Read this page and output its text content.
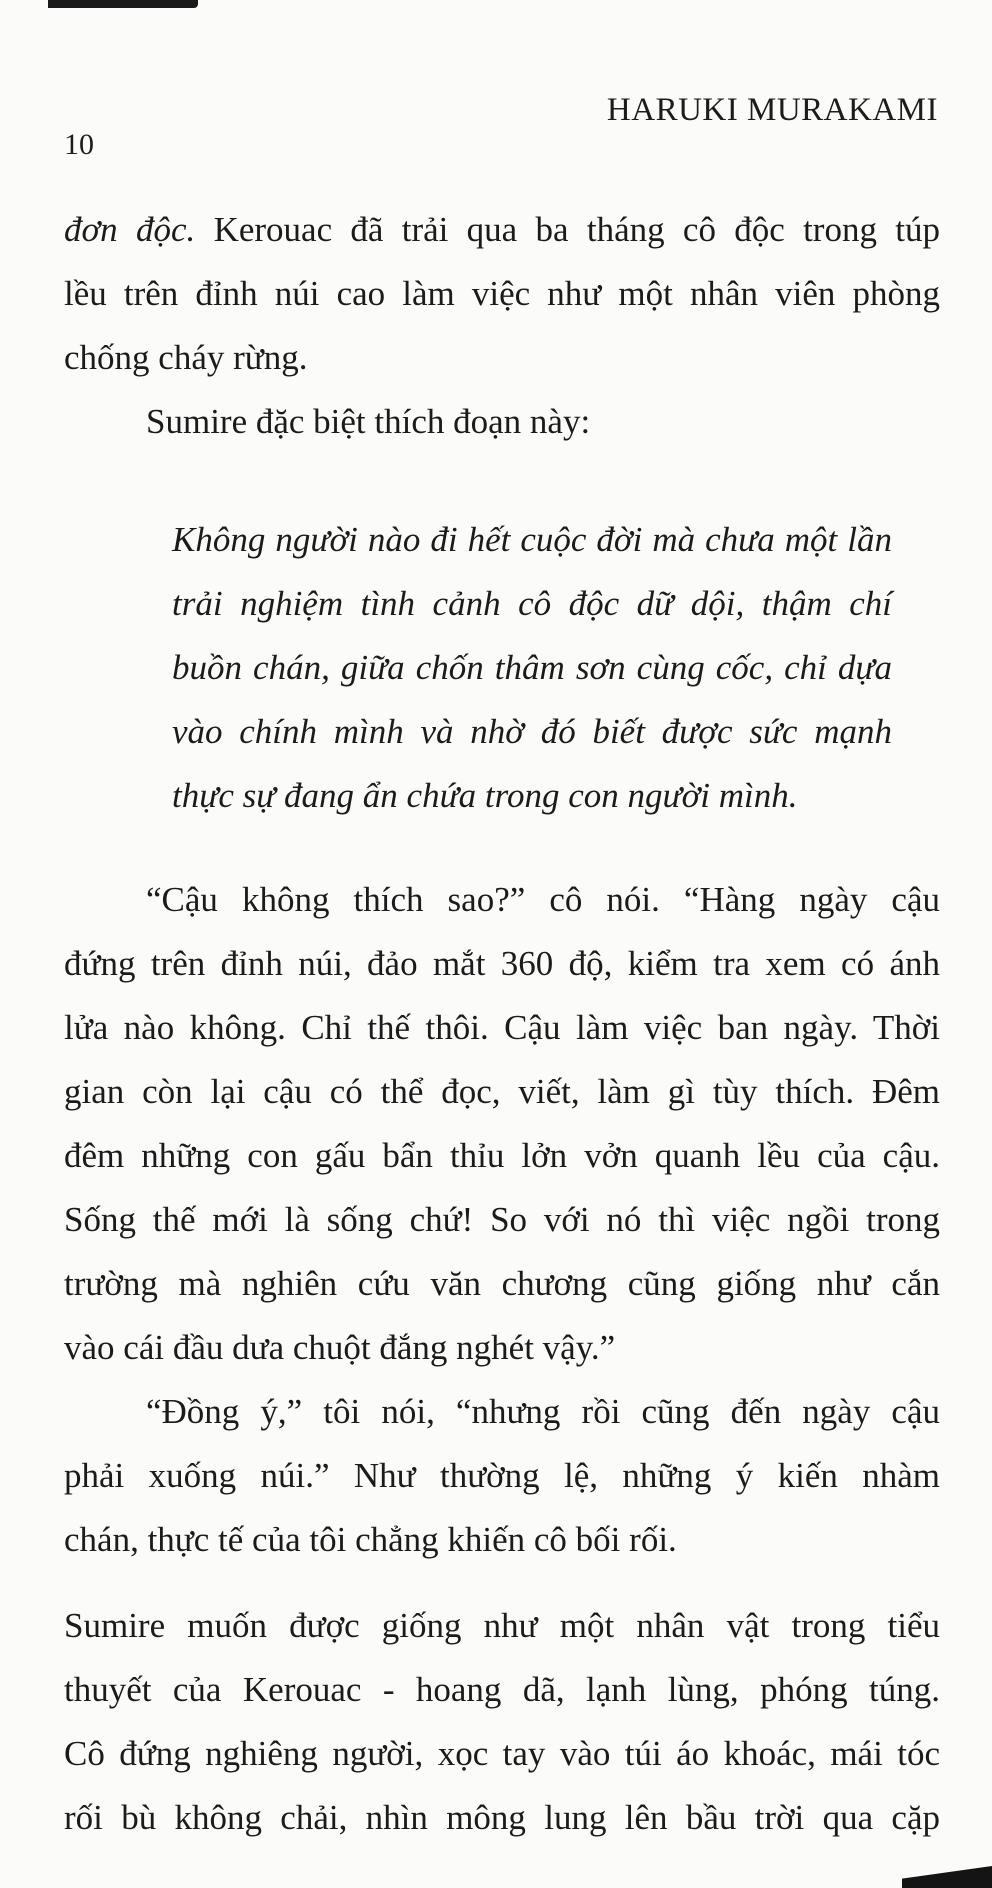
HARUKI MURAKAMI
10
đơn độc. Kerouac đã trải qua ba tháng cô độc trong túp
lều trên đỉnh núi cao làm việc như một nhân viên phòng
chống cháy rừng.
Sumire đặc biệt thích đoạn này:
Không người nào đi hết cuộc đời mà chưa một lần
trải nghiệm tình cảnh cô độc dữ dội, thậm chí
buồn chán, giữa chốn thâm sơn cùng cốc, chỉ dựa
vào chính mình và nhờ đó biết được sức mạnh
thực sự đang ẩn chứa trong con người mình.
“Cậu không thích sao?” cô nói. “Hàng ngày cậu
đứng trên đỉnh núi, đảo mắt 360 độ, kiểm tra xem có ánh
lửa nào không. Chỉ thế thôi. Cậu làm việc ban ngày. Thời
gian còn lại cậu có thể đọc, viết, làm gì tùy thích. Đêm
đêm những con gấu bẩn thỉu lởn vởn quanh lều của cậu.
Sống thế mới là sống chứ! So với nó thì việc ngồi trong
trường mà nghiên cứu văn chương cũng giống như cắn
vào cái đầu dưa chuột đắng nghét vậy.”
“Đồng ý,” tôi nói, “nhưng rồi cũng đến ngày cậu
phải xuống núi.” Như thường lệ, những ý kiến nhàm
chán, thực tế của tôi chẳng khiến cô bối rối.
Sumire muốn được giống như một nhân vật trong tiểu
thuyết của Kerouac - hoang dã, lạnh lùng, phóng túng.
Cô đứng nghiêng người, xọc tay vào túi áo khoác, mái tóc
rối bù không chải, nhìn mông lung lên bầu trời qua cặp
